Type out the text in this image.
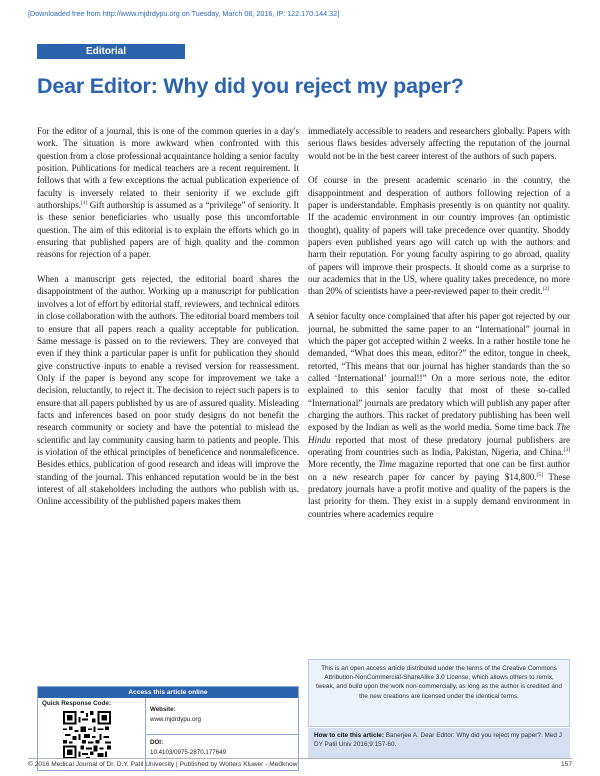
[Downloaded free from http://www.mjdrdypu.org on Tuesday, March 08, 2016, IP: 122.170.144.32]
Editorial
Dear Editor: Why did you reject my paper?

For the editor of a journal, this is one of the common queries in a day's work. The situation is more awkward when confronted with this question from a close professional acquaintance holding a senior faculty position. Publications for medical teachers are a recent requirement. It follows that with a few exceptions the actual publication experience of faculty is inversely related to their seniority if we exclude gift authorships.[1] Gift authorship is assumed as a “privilege” of seniority. It is these senior beneficiaries who usually pose this uncomfortable question. The aim of this editorial is to explain the efforts which go in ensuring that published papers are of high quality and the common reasons for rejection of a paper.

When a manuscript gets rejected, the editorial board shares the disappointment of the author. Working up a manuscript for publication involves a lot of effort by editorial staff, reviewers, and technical editors in close collaboration with the authors. The editorial board members toil to ensure that all papers reach a quality acceptable for publication. Same message is passed on to the reviewers. They are conveyed that even if they think a particular paper is unfit for publication they should give constructive inputs to enable a revised version for reassessment. Only if the paper is beyond any scope for improvement we take a decision, reluctantly, to reject it. The decision to reject such papers is to ensure that all papers published by us are of assured quality. Misleading facts and inferences based on poor study designs do not benefit the research community or society and have the potential to mislead the scientific and lay community causing harm to patients and people. This is violation of the ethical principles of beneficence and nonmaleficence. Besides ethics, publication of good research and ideas will improve the standing of the journal. This enhanced reputation would be in the best interest of all stakeholders including the authors who publish with us. Online accessibility of the published papers makes them

immediately accessible to readers and researchers globally. Papers with serious flaws besides adversely affecting the reputation of the journal would not be in the best career interest of the authors of such papers.

Of course in the present academic scenario in the country, the disappointment and desperation of authors following rejection of a paper is understandable. Emphasis presently is on quantity not quality. If the academic environment in our country improves (an optimistic thought), quality of papers will take precedence over quantity. Shoddy papers even published years ago will catch up with the authors and harm their reputation. For young faculty aspiring to go abroad, quality of papers will improve their prospects. It should come as a surprise to our academics that in the US, where quality takes precedence, no more than 20% of scientists have a peer-reviewed paper to their credit.[2]

A senior faculty once complained that after his paper got rejected by our journal, he submitted the same paper to an “International” journal in which the paper got accepted within 2 weeks. In a rather hostile tone he demanded, “What does this mean, editor?” the editor, tongue in cheek, retorted, “This means that our journal has higher standards than the so called ‘International’ journal!!” On a more serious note, the editor explained to this senior faculty that most of these so-called “International” journals are predatory which will publish any paper after charging the authors. This racket of predatory publishing has been well exposed by the Indian as well as the world media. Some time back The Hindu reported that most of these predatory journal publishers are operating from countries such as India, Pakistan, Nigeria, and China.[3] More recently, the Time magazine reported that one can be first author on a new research paper for cancer by paying $14,800.[5] These predatory journals have a profit motive and quality of the papers is the last priority for them. They exist in a supply demand environment in countries where academics require

Access this article online
Quick Response Code:
Website:
www.mjdrdypu.org
DOI:
10.4103/0975-2870.177649
This is an open access article distributed under the terms of the Creative Commons Attribution-NonCommercial-ShareAlike 3.0 License, which allows others to remix, tweak, and build upon the work non-commercially, as long as the author is credited and the new creations are licensed under the identical terms.
How to cite this article: Banerjee A. Dear Editor: Why did you reject my paper?. Med J DY Patil Univ 2016;9:157-60.
© 2016 Medical Journal of Dr. D.Y. Patil University | Published by Wolters Kluwer - Medknow	157
